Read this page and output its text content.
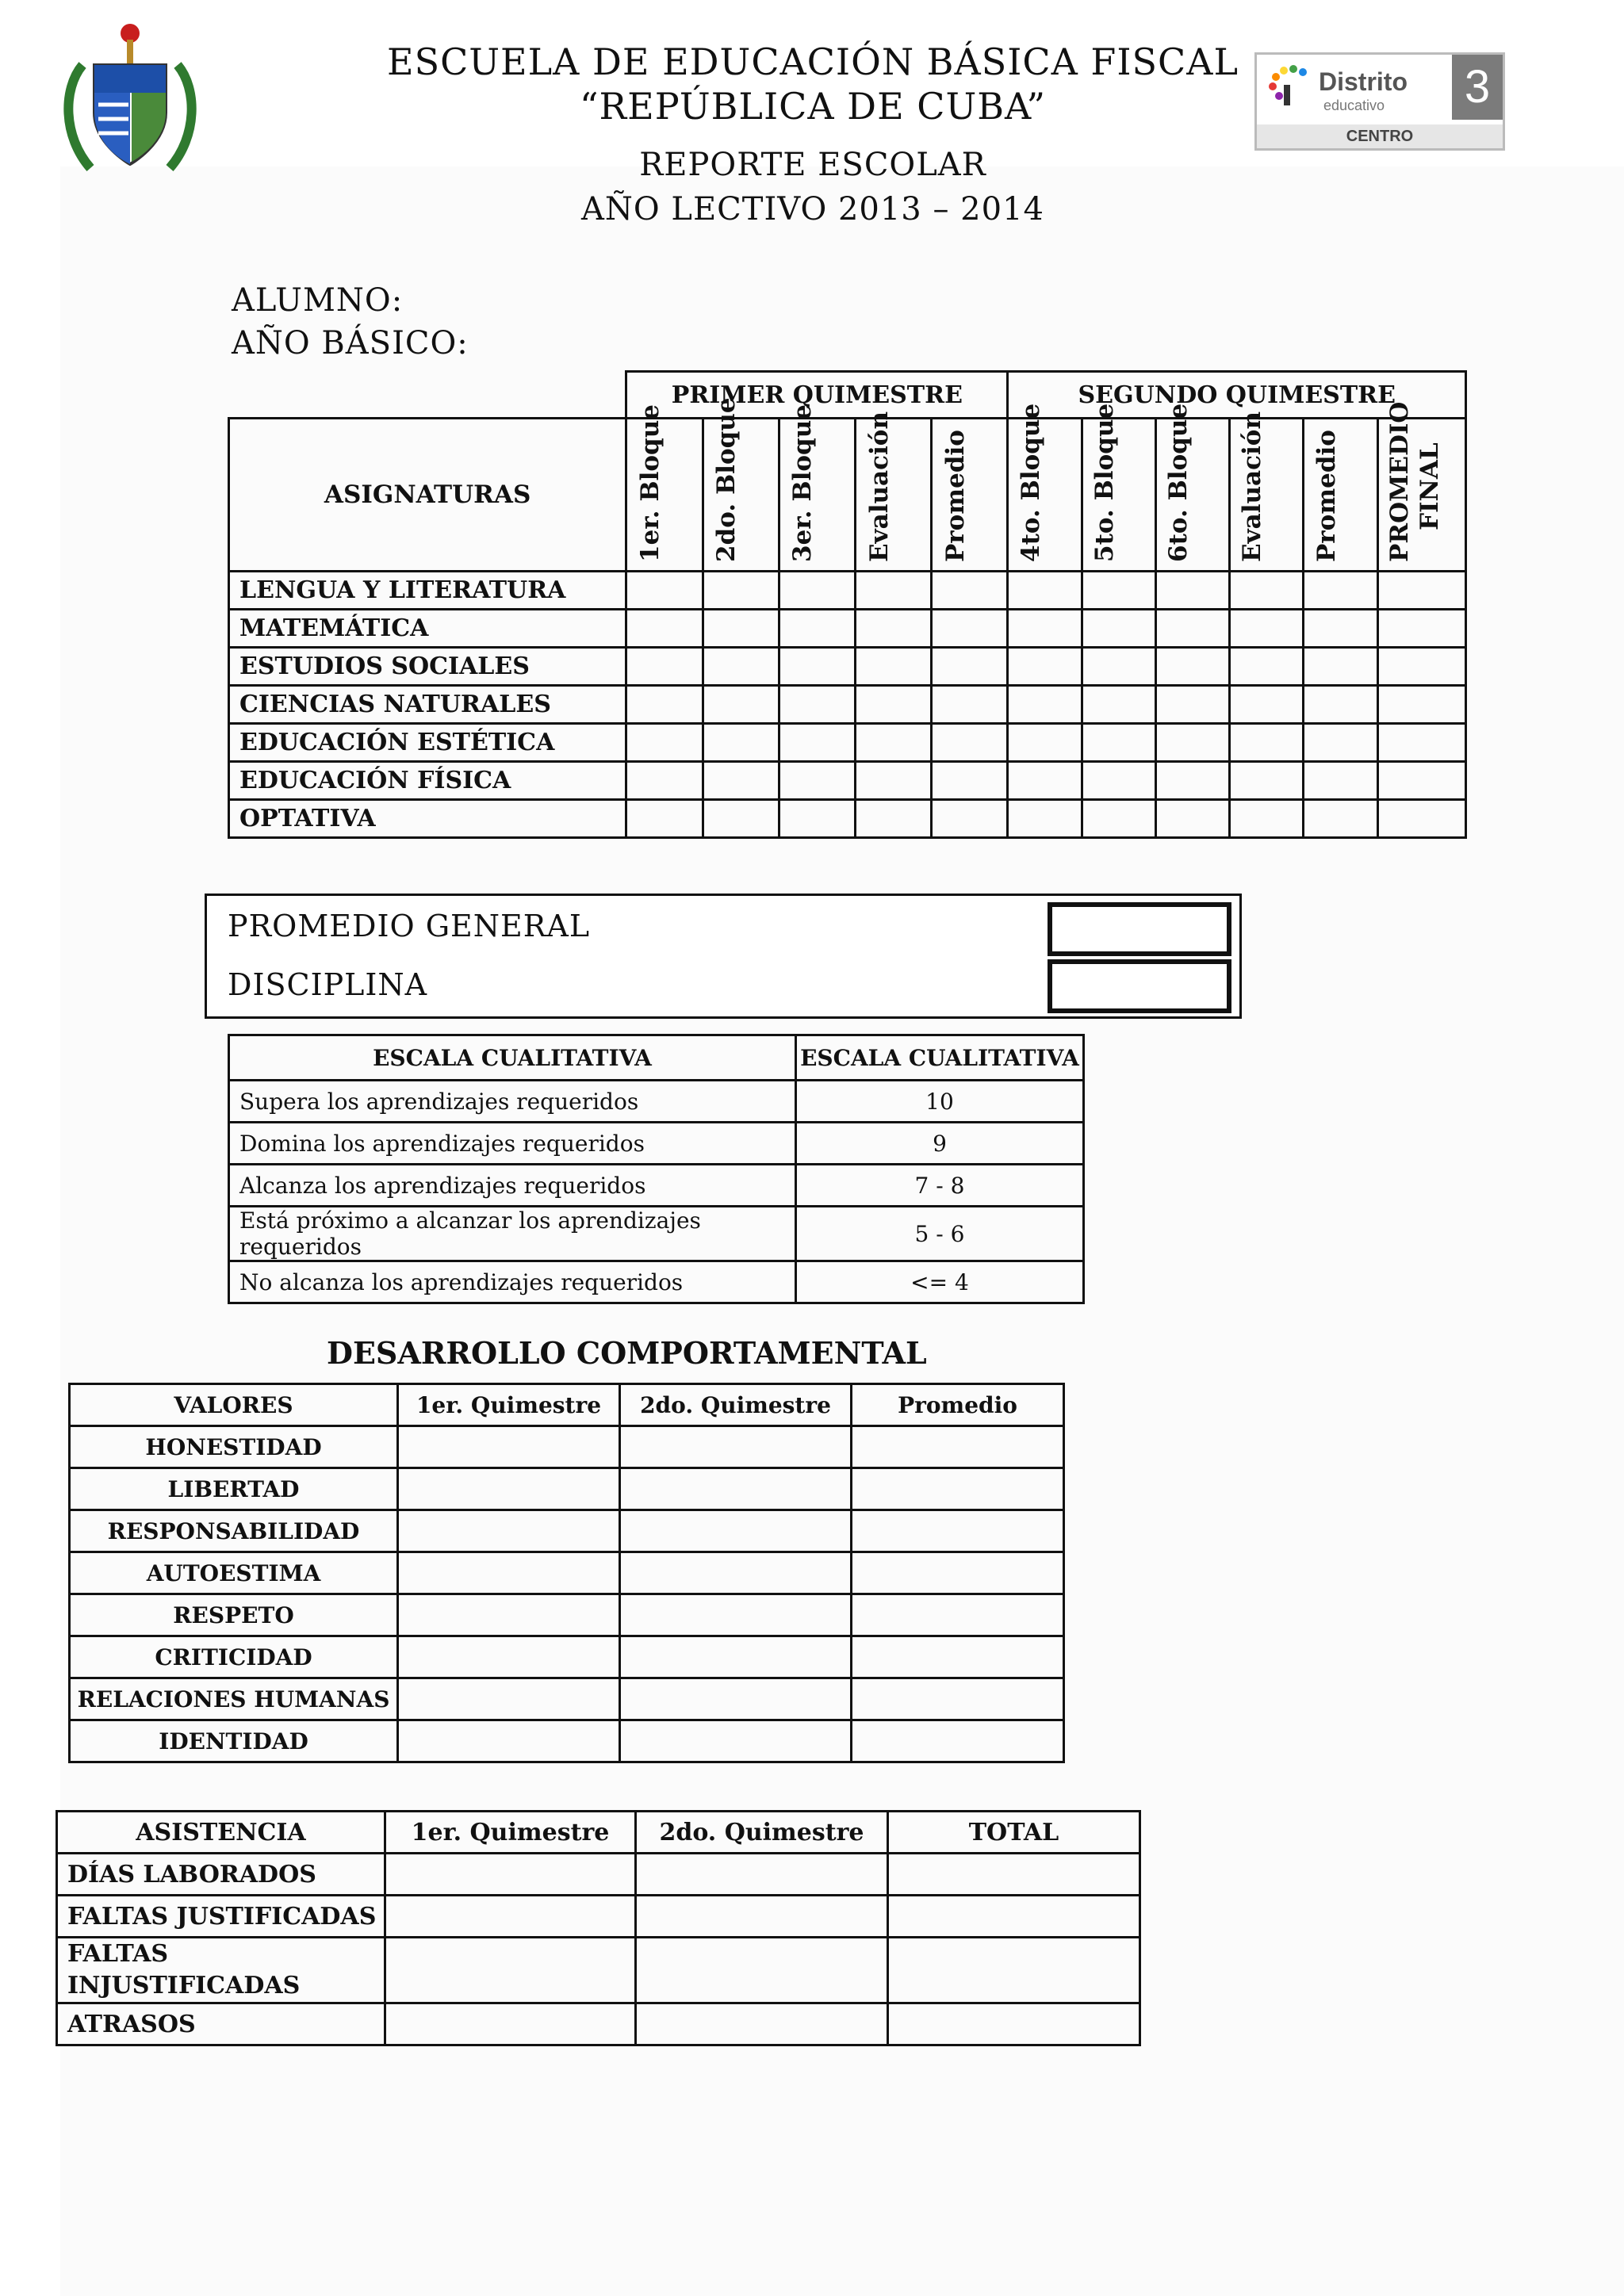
ESCUELA DE EDUCACIÓN BÁSICA FISCAL
“REPÚBLICA DE CUBA”
REPORTE ESCOLAR
AÑO LECTIVO 2013 – 2014
Distrito
educativo 3
CENTRO
ALUMNO:
AÑO BÁSICO:
	PRIMER QUIMESTRE					SEGUNDO QUIMESTRE					
ASIGNATURAS	1er. Bloque	2do. Bloque	3er. Bloque	Evaluación	Promedio	4to. Bloque	5to. Bloque	6to. Bloque	Evaluación	Promedio	PROMEDIO FINAL

LENGUA Y LITERATURA											
MATEMÁTICA											
ESTUDIOS SOCIALES											
CIENCIAS NATURALES											
EDUCACIÓN ESTÉTICA											
EDUCACIÓN FÍSICA											
OPTATIVA											
PROMEDIO GENERAL
DISCIPLINA
ESCALA CUALITATIVA	ESCALA CUALITATIVA
Supera los aprendizajes requeridos	10
Domina los aprendizajes requeridos	9
Alcanza los aprendizajes requeridos	7 - 8
Está próximo a alcanzar los aprendizajes requeridos	5 - 6
No alcanza los aprendizajes requeridos	<= 4
DESARROLLO COMPORTAMENTAL
VALORES	1er. Quimestre	2do. Quimestre	Promedio
HONESTIDAD			
LIBERTAD			
RESPONSABILIDAD			
AUTOESTIMA			
RESPETO			
CRITICIDAD			
RELACIONES HUMANAS			
IDENTIDAD			
ASISTENCIA	1er. Quimestre	2do. Quimestre	TOTAL
DÍAS LABORADOS			
FALTAS JUSTIFICADAS			
FALTAS INJUSTIFICADAS			
ATRASOS			
